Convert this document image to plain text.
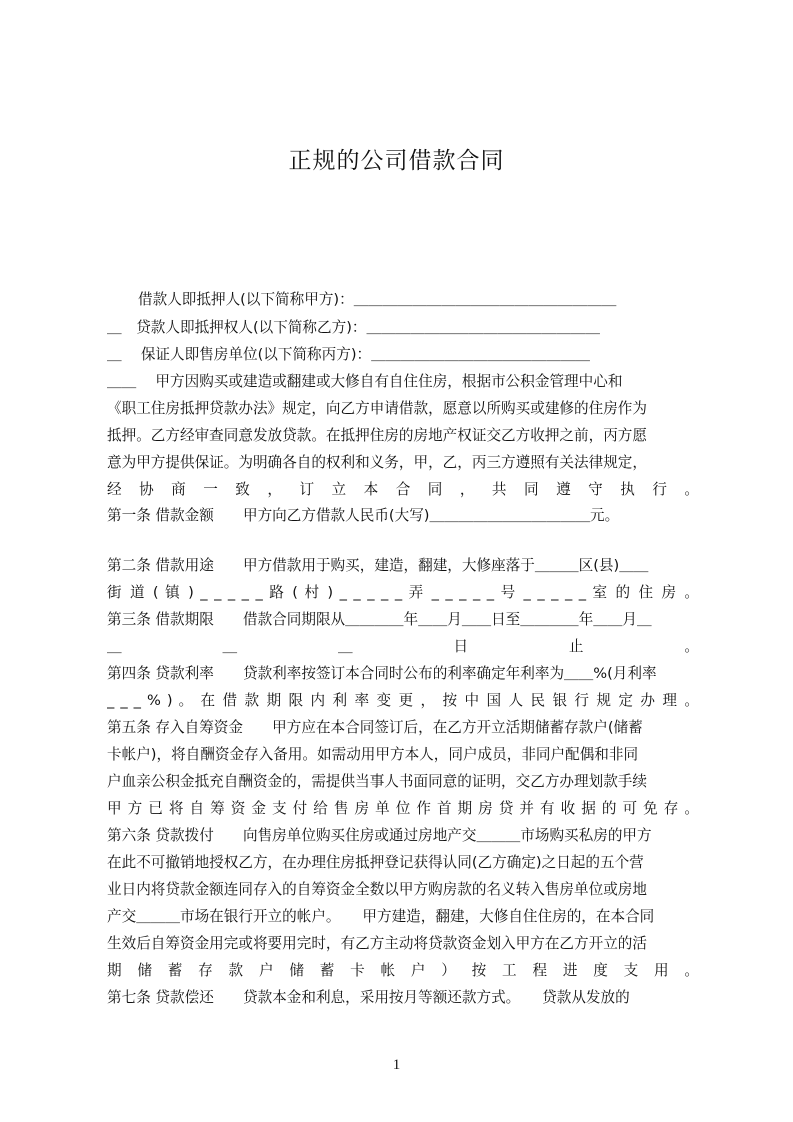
正规的公司借款合同
借款人即抵押人(以下简称甲方)：＿＿＿＿＿＿＿＿＿＿＿＿＿＿＿＿＿＿
＿　贷款人即抵押权人(以下简称乙方)：＿＿＿＿＿＿＿＿＿＿＿＿＿＿＿＿
＿　 保证人即售房单位(以下简称丙方)：＿＿＿＿＿＿＿＿＿＿＿＿＿＿＿
＿＿　 甲方因购买或建造或翻建或大修自有自住住房，根据市公积金管理中心和
《职工住房抵押贷款办法》规定，向乙方申请借款，愿意以所购买或建修的住房作为
抵押。乙方经审查同意发放贷款。在抵押住房的房地产权证交乙方收押之前，丙方愿
意为甲方提供保证。为明确各自的权利和义务，甲，乙，丙三方遵照有关法律规定，
经 协 商 一 致 ， 订 立 本 合 同 ， 共 同 遵 守 执 行 。
第一条 借款金额　　甲方向乙方借款人民币(大写)＿＿＿＿＿＿＿＿＿＿＿元。
第二条 借款用途　　甲方借款用于购买，建造，翻建，大修座落于＿＿＿区(县)＿＿
街 道 ( 镇 ) _ _ _ _ _ 路 ( 村 ) _ _ _ _ _ 弄 _ _ _ _ _ 号 _ _ _ _ _ 室 的 住 房 。
第三条 借款期限　　借款合同期限从＿＿＿＿年＿＿月＿＿日至＿＿＿＿年＿＿月＿
＿ ＿ ＿ 日 止 。
第四条 贷款利率　　贷款利率按签订本合同时公布的利率确定年利率为＿＿%(月利率
_ _ _ % ) 。 在 借 款 期 限 内 利 率 变 更 ， 按 中 国 人 民 银 行 规 定 办 理 。
第五条 存入自筹资金　　甲方应在本合同签订后，在乙方开立活期储蓄存款户(储蓄
卡帐户)，将自酬资金存入备用。如需动用甲方本人，同户成员，非同户配偶和非同
户血亲公积金抵充自酬资金的，需提供当事人书面同意的证明，交乙方办理划款手续
甲 方 已 将 自 筹 资 金 支 付 给 售 房 单 位 作 首 期 房 贷 并 有 收 据 的 可 免 存 。
第六条 贷款拨付　　向售房单位购买住房或通过房地产交＿＿＿市场购买私房的甲方
在此不可撤销地授权乙方，在办理住房抵押登记获得认同(乙方确定)之日起的五个营
业日内将贷款金额连同存入的自筹资金全数以甲方购房款的名义转入售房单位或房地
产交＿＿＿市场在银行开立的帐户。　　甲方建造，翻建，大修自住住房的，在本合同
生效后自筹资金用完或将要用完时，有乙方主动将贷款资金划入甲方在乙方开立的活
期 储 蓄 存 款 户 储 蓄 卡 帐 户 ） 按 工 程 进 度 支 用 。
第七条 贷款偿还　　贷款本金和利息，采用按月等额还款方式。　　贷款从发放的
1
